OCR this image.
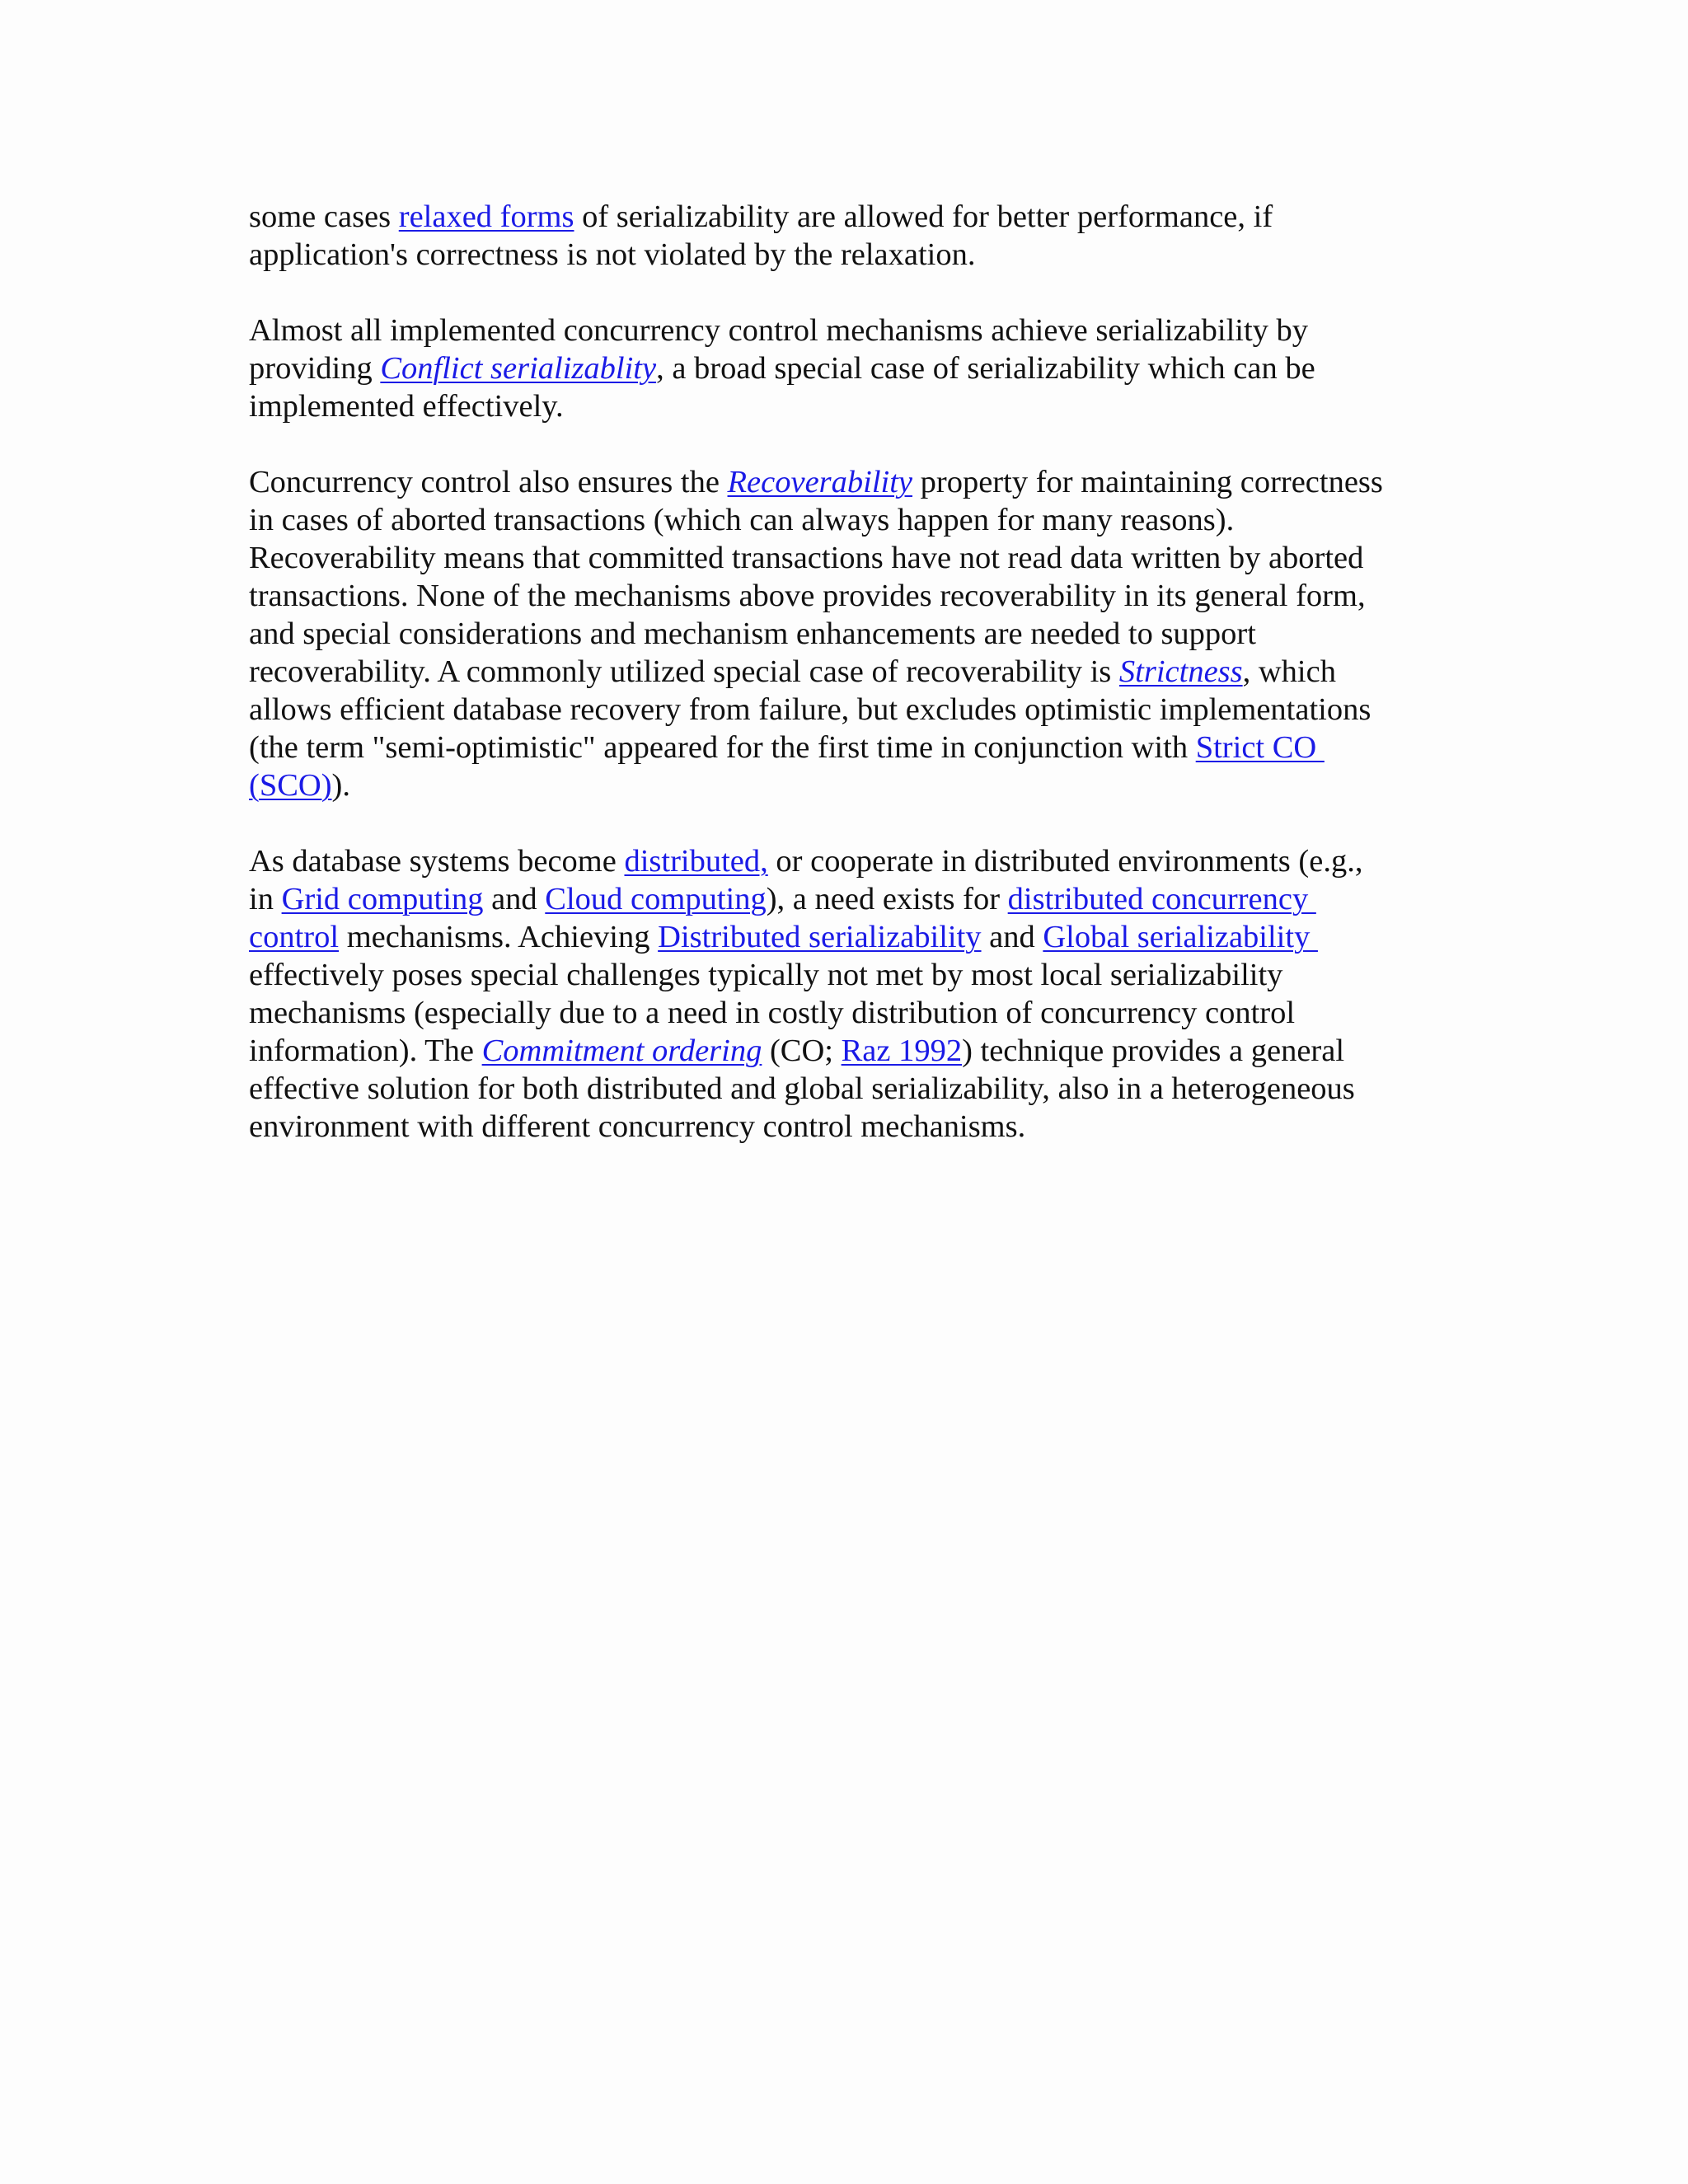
some cases relaxed forms of serializability are allowed for better performance, if
application's correctness is not violated by the relaxation.
Almost all implemented concurrency control mechanisms achieve serializability by
providing Conflict serializablity, a broad special case of serializability which can be
implemented effectively.
Concurrency control also ensures the Recoverability property for maintaining correctness
in cases of aborted transactions (which can always happen for many reasons).
Recoverability means that committed transactions have not read data written by aborted
transactions. None of the mechanisms above provides recoverability in its general form,
and special considerations and mechanism enhancements are needed to support
recoverability. A commonly utilized special case of recoverability is Strictness, which
allows efficient database recovery from failure, but excludes optimistic implementations
(the term "semi-optimistic" appeared for the first time in conjunction with Strict CO
(SCO)).
As database systems become distributed, or cooperate in distributed environments (e.g.,
in Grid computing and Cloud computing), a need exists for distributed concurrency
control mechanisms. Achieving Distributed serializability and Global serializability
effectively poses special challenges typically not met by most local serializability
mechanisms (especially due to a need in costly distribution of concurrency control
information). The Commitment ordering (CO; Raz 1992) technique provides a general
effective solution for both distributed and global serializability, also in a heterogeneous
environment with different concurrency control mechanisms.
